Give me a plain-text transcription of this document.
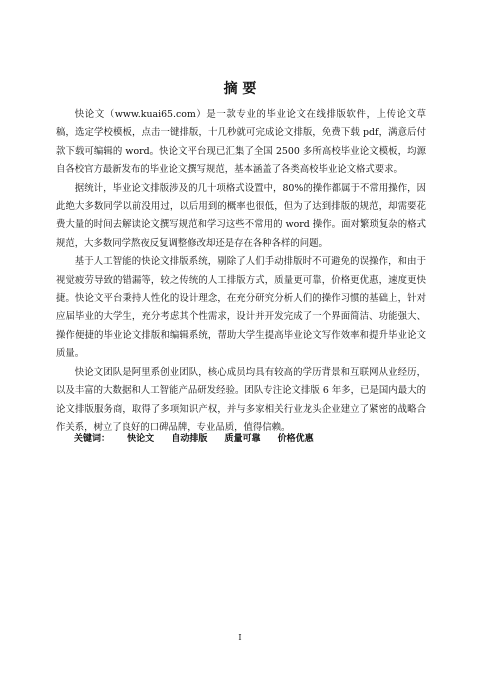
摘 要

快论文（www.kuai65.com）是一款专业的毕业论文在线排版软件，上传论文草稿，选定学校模板，点击一键排版，十几秒就可完成论文排版，免费下载 pdf，满意后付款下载可编辑的 word。快论文平台现已汇集了全国 2500 多所高校毕业论文模板，均源自各校官方最新发布的毕业论文撰写规范，基本涵盖了各类高校毕业论文格式要求。

据统计，毕业论文排版涉及的几十项格式设置中，80%的操作都属于不常用操作，因此绝大多数同学以前没用过，以后用到的概率也很低，但为了达到排版的规范，却需要花费大量的时间去解读论文撰写规范和学习这些不常用的 word 操作。面对繁琐复杂的格式规范，大多数同学熬夜反复调整修改却还是存在各种各样的问题。

基于人工智能的快论文排版系统，剔除了人们手动排版时不可避免的误操作，和由于视觉疲劳导致的错漏等，较之传统的人工排版方式，质量更可靠，价格更优惠，速度更快捷。快论文平台秉持人性化的设计理念，在充分研究分析人们的操作习惯的基础上，针对应届毕业的大学生，充分考虑其个性需求，设计并开发完成了一个界面简洁、功能强大、操作便捷的毕业论文排版和编辑系统，帮助大学生提高毕业论文写作效率和提升毕业论文质量。

快论文团队是阿里系创业团队，核心成员均具有较高的学历背景和互联网从业经历，以及丰富的大数据和人工智能产品研发经验。团队专注论文排版 6 年多，已是国内最大的论文排版服务商，取得了多项知识产权，并与多家相关行业龙头企业建立了紧密的战略合作关系，树立了良好的口碑品牌，专业品质，值得信赖。

关键词： 快论文 自动排版 质量可靠 价格优惠
I
